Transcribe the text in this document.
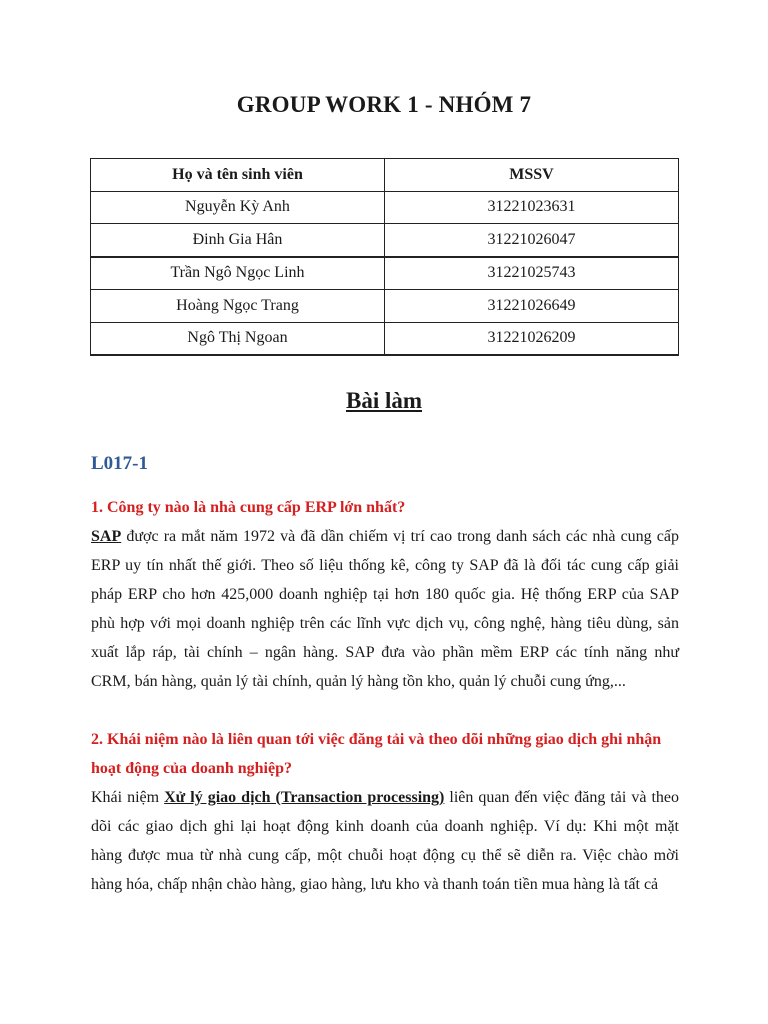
GROUP WORK 1 - NHÓM 7
Họ và tên sinh viên	MSSV
Nguyễn Kỳ Anh	31221023631
Đinh Gia Hân	31221026047
Trần Ngô Ngọc Linh	31221025743
Hoàng Ngọc Trang	31221026649
Ngô Thị Ngoan	31221026209
Bài làm
L017-1
1. Công ty nào là nhà cung cấp ERP lớn nhất?
SAP được ra mắt năm 1972 và đã dần chiếm vị trí cao trong danh sách các nhà cung cấp
ERP uy tín nhất thế giới. Theo số liệu thống kê, công ty SAP đã là đối tác cung cấp giải
pháp ERP cho hơn 425,000 doanh nghiệp tại hơn 180 quốc gia. Hệ thống ERP của SAP
phù hợp với mọi doanh nghiệp trên các lĩnh vực dịch vụ, công nghệ, hàng tiêu dùng, sản
xuất lắp ráp, tài chính – ngân hàng. SAP đưa vào phần mềm ERP các tính năng như
CRM, bán hàng, quản lý tài chính, quản lý hàng tồn kho, quản lý chuỗi cung ứng,...
2. Khái niệm nào là liên quan tới việc đăng tải và theo dõi những giao dịch ghi nhận
hoạt động của doanh nghiệp?
Khái niệm Xử lý giao dịch (Transaction processing) liên quan đến việc đăng tải và theo
dõi các giao dịch ghi lại hoạt động kinh doanh của doanh nghiệp. Ví dụ: Khi một mặt
hàng được mua từ nhà cung cấp, một chuỗi hoạt động cụ thể sẽ diễn ra. Việc chào mời
hàng hóa, chấp nhận chào hàng, giao hàng, lưu kho và thanh toán tiền mua hàng là tất cả
